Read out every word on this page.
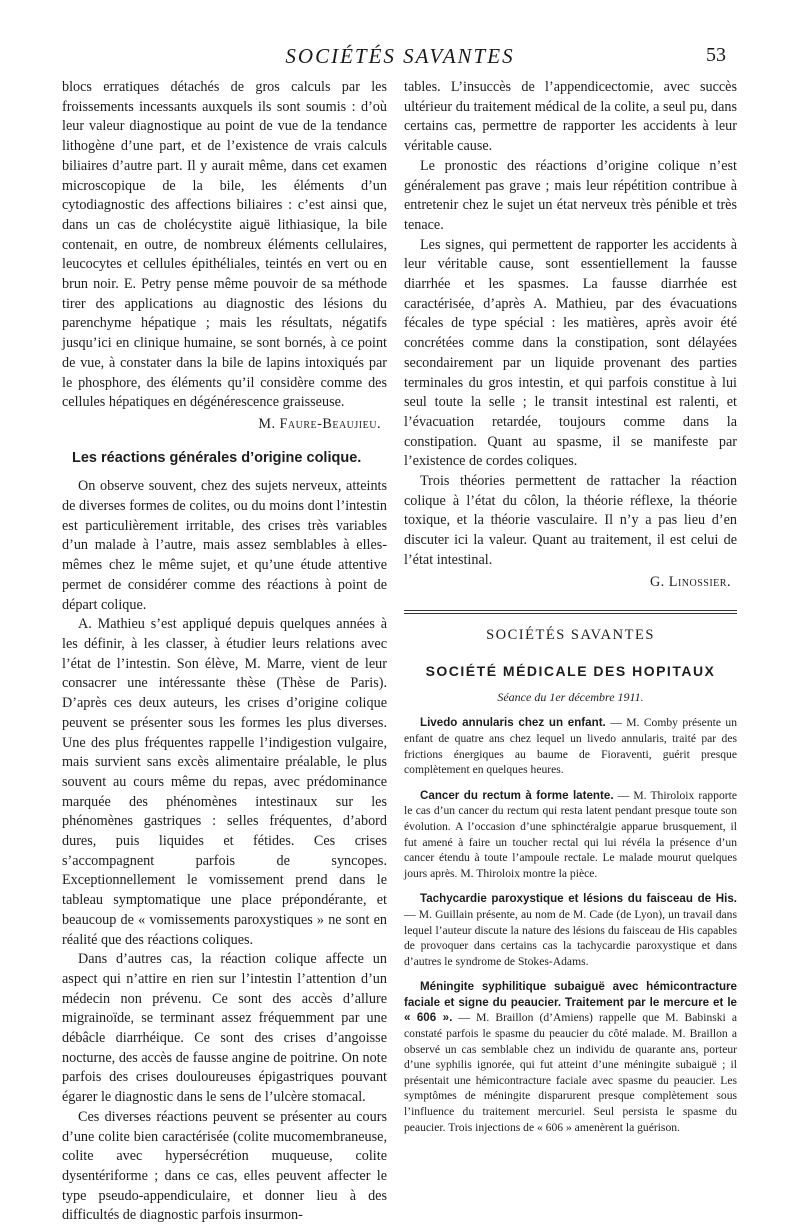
SOCIÉTÉS SAVANTES	53

blocs erratiques détachés de gros calculs par les froissements incessants auxquels ils sont soumis : d’où leur valeur diagnostique au point de vue de la tendance lithogène d’une part, et de l’existence de vrais calculs biliaires d’autre part. Il y aurait même, dans cet examen microscopique de la bile, les éléments d’un cytodiagnostic des affections biliaires : c’est ainsi que, dans un cas de cholécystite aiguë lithiasique, la bile contenait, en outre, de nombreux éléments cellulaires, leucocytes et cellules épithéliales, teintés en vert ou en brun noir. E. Petry pense même pouvoir de sa méthode tirer des applications au diagnostic des lésions du parenchyme hépatique ; mais les résultats, négatifs jusqu’ici en clinique humaine, se sont bornés, à ce point de vue, à constater dans la bile de lapins intoxiqués par le phosphore, des éléments qu’il considère comme des cellules hépatiques en dégénérescence graisseuse.

M. Faure-Beaujieu.

Les réactions générales d’origine colique.

On observe souvent, chez des sujets nerveux, atteints de diverses formes de colites, ou du moins dont l’intestin est particulièrement irritable, des crises très variables d’un malade à l’autre, mais assez semblables à elles-mêmes chez le même sujet, et qu’une étude attentive permet de considérer comme des réactions à point de départ colique.

A. Mathieu s’est appliqué depuis quelques années à les définir, à les classer, à étudier leurs relations avec l’état de l’intestin. Son élève, M. Marre, vient de leur consacrer une intéressante thèse (Thèse de Paris). D’après ces deux auteurs, les crises d’origine colique peuvent se présenter sous les formes les plus diverses. Une des plus fréquentes rappelle l’indigestion vulgaire, mais survient sans excès alimentaire préalable, le plus souvent au cours même du repas, avec prédominance marquée des phénomènes intestinaux sur les phénomènes gastriques : selles fréquentes, d’abord dures, puis liquides et fétides. Ces crises s’accompagnent parfois de syncopes. Exceptionnellement le vomissement prend dans le tableau symptomatique une place prépondérante, et beaucoup de « vomissements paroxystiques » ne sont en réalité que des réactions coliques.

Dans d’autres cas, la réaction colique affecte un aspect qui n’attire en rien sur l’intestin l’attention d’un médecin non prévenu. Ce sont des accès d’allure migrainoïde, se terminant assez fréquemment par une débâcle diarrhéique. Ce sont des crises d’angoisse nocturne, des accès de fausse angine de poitrine. On note parfois des crises douloureuses épigastriques pouvant égarer le diagnostic dans le sens de l’ulcère stomacal.

Ces diverses réactions peuvent se présenter au cours d’une colite bien caractérisée (colite mucomembraneuse, colite avec hypersécrétion muqueuse, colite dysentériforme ; dans ce cas, elles peuvent affecter le type pseudo-appendiculaire, et donner lieu à des difficultés de diagnostic parfois insurmon-

tables. L’insuccès de l’appendicectomie, avec succès ultérieur du traitement médical de la colite, a seul pu, dans certains cas, permettre de rapporter les accidents à leur véritable cause.

Le pronostic des réactions d’origine colique n’est généralement pas grave ; mais leur répétition contribue à entretenir chez le sujet un état nerveux très pénible et très tenace.

Les signes, qui permettent de rapporter les accidents à leur véritable cause, sont essentiellement la fausse diarrhée et les spasmes. La fausse diarrhée est caractérisée, d’après A. Mathieu, par des évacuations fécales de type spécial : les matières, après avoir été concrétées comme dans la constipation, sont délayées secondairement par un liquide provenant des parties terminales du gros intestin, et qui parfois constitue à lui seul toute la selle ; le transit intestinal est ralenti, et l’évacuation retardée, toujours comme dans la constipation. Quant au spasme, il se manifeste par l’existence de cordes coliques.

Trois théories permettent de rattacher la réaction colique à l’état du côlon, la théorie réflexe, la théorie toxique, et la théorie vasculaire. Il n’y a pas lieu d’en discuter ici la valeur. Quant au traitement, il est celui de l’état intestinal.

G. Linossier.

SOCIÉTÉS SAVANTES

SOCIÉTÉ MÉDICALE DES HOPITAUX

Séance du 1er décembre 1911.

Livedo annularis chez un enfant. — M. Comby présente un enfant de quatre ans chez lequel un livedo annularis, traité par des frictions énergiques au baume de Fioraventi, guérit presque complètement en quelques heures.

Cancer du rectum à forme latente. — M. Thiroloix rapporte le cas d’un cancer du rectum qui resta latent pendant presque toute son évolution. A l’occasion d’une sphinctéralgie apparue brusquement, il fut amené à faire un toucher rectal qui lui révéla la présence d’un cancer étendu à toute l’ampoule rectale. Le malade mourut quelques jours après. M. Thiroloix montre la pièce.

Tachycardie paroxystique et lésions du faisceau de His. — M. Guillain présente, au nom de M. Cade (de Lyon), un travail dans lequel l’auteur discute la nature des lésions du faisceau de His capables de provoquer dans certains cas la tachycardie paroxystique et dans d’autres le syndrome de Stokes-Adams.

Méningite syphilitique subaiguë avec hémicontracture faciale et signe du peaucier. Traitement par le mercure et le « 606 ». — M. Braillon (d’Amiens) rappelle que M. Babinski a constaté parfois le spasme du peaucier du côté malade. M. Braillon a observé un cas semblable chez un individu de quarante ans, porteur d’une syphilis ignorée, qui fut atteint d’une méningite subaiguë ; il présentait une hémicontracture faciale avec spasme du peaucier. Les symptômes de méningite disparurent presque complètement sous l’influence du traitement mercuriel. Seul persista le spasme du peaucier. Trois injections de « 606 » amenèrent la guérison.
